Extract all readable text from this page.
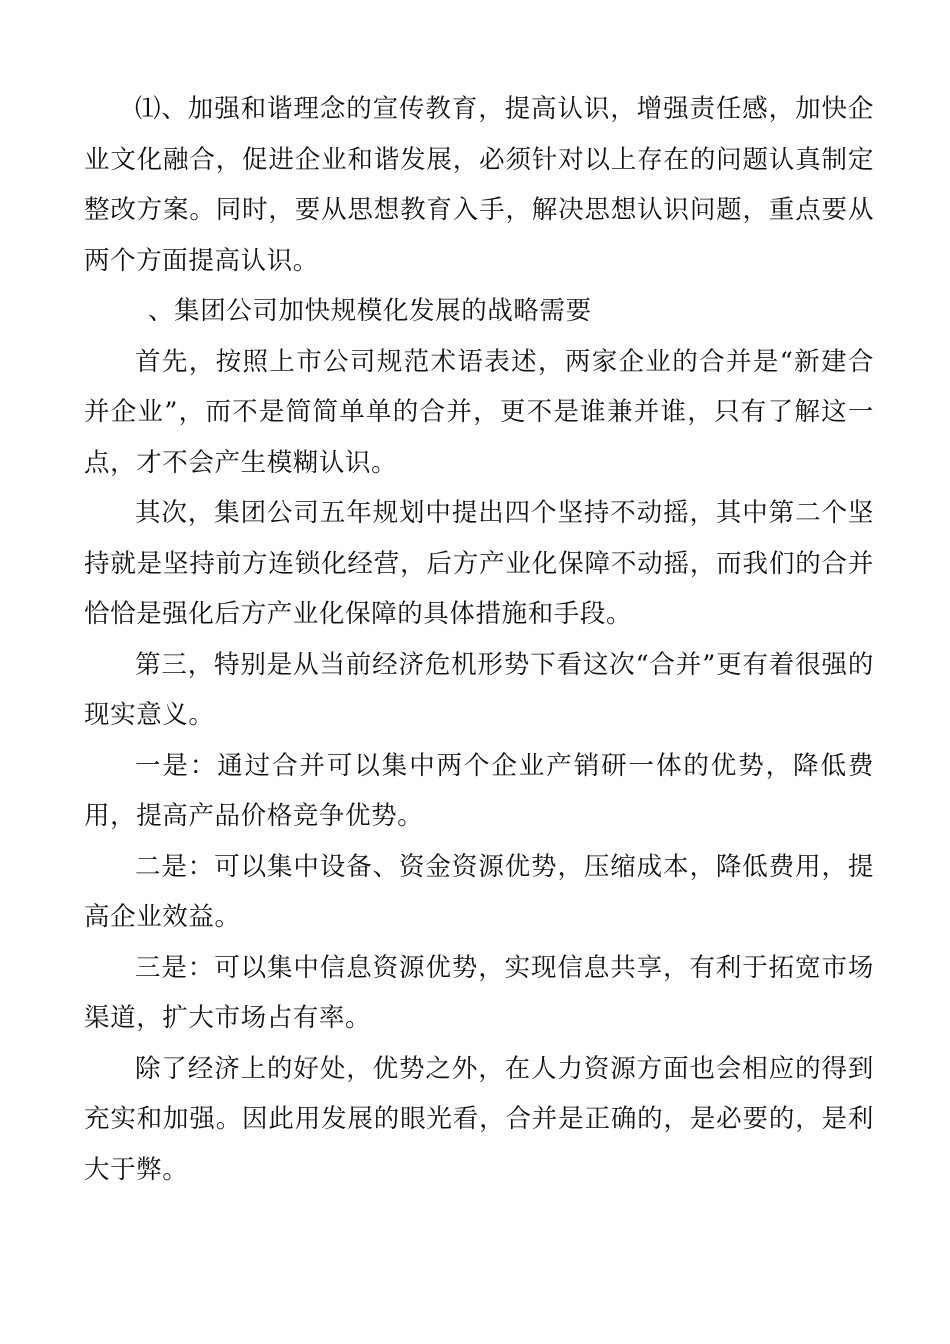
⑴、加强和谐理念的宣传教育，提高认识，增强责任感，加快企业文化融合，促进企业和谐发展，必须针对以上存在的问题认真制定整改方案。同时，要从思想教育入手，解决思想认识问题，重点要从两个方面提高认识。

、集团公司加快规模化发展的战略需要

首先，按照上市公司规范术语表述，两家企业的合并是“新建合并企业”，而不是简简单单的合并，更不是谁兼并谁，只有了解这一点，才不会产生模糊认识。

其次，集团公司五年规划中提出四个坚持不动摇，其中第二个坚持就是坚持前方连锁化经营，后方产业化保障不动摇，而我们的合并恰恰是强化后方产业化保障的具体措施和手段。

第三，特别是从当前经济危机形势下看这次“合并”更有着很强的现实意义。

一是：通过合并可以集中两个企业产销研一体的优势，降低费用，提高产品价格竞争优势。

二是：可以集中设备、资金资源优势，压缩成本，降低费用，提高企业效益。

三是：可以集中信息资源优势，实现信息共享，有利于拓宽市场渠道，扩大市场占有率。

除了经济上的好处，优势之外，在人力资源方面也会相应的得到充实和加强。因此用发展的眼光看，合并是正确的，是必要的，是利大于弊。
